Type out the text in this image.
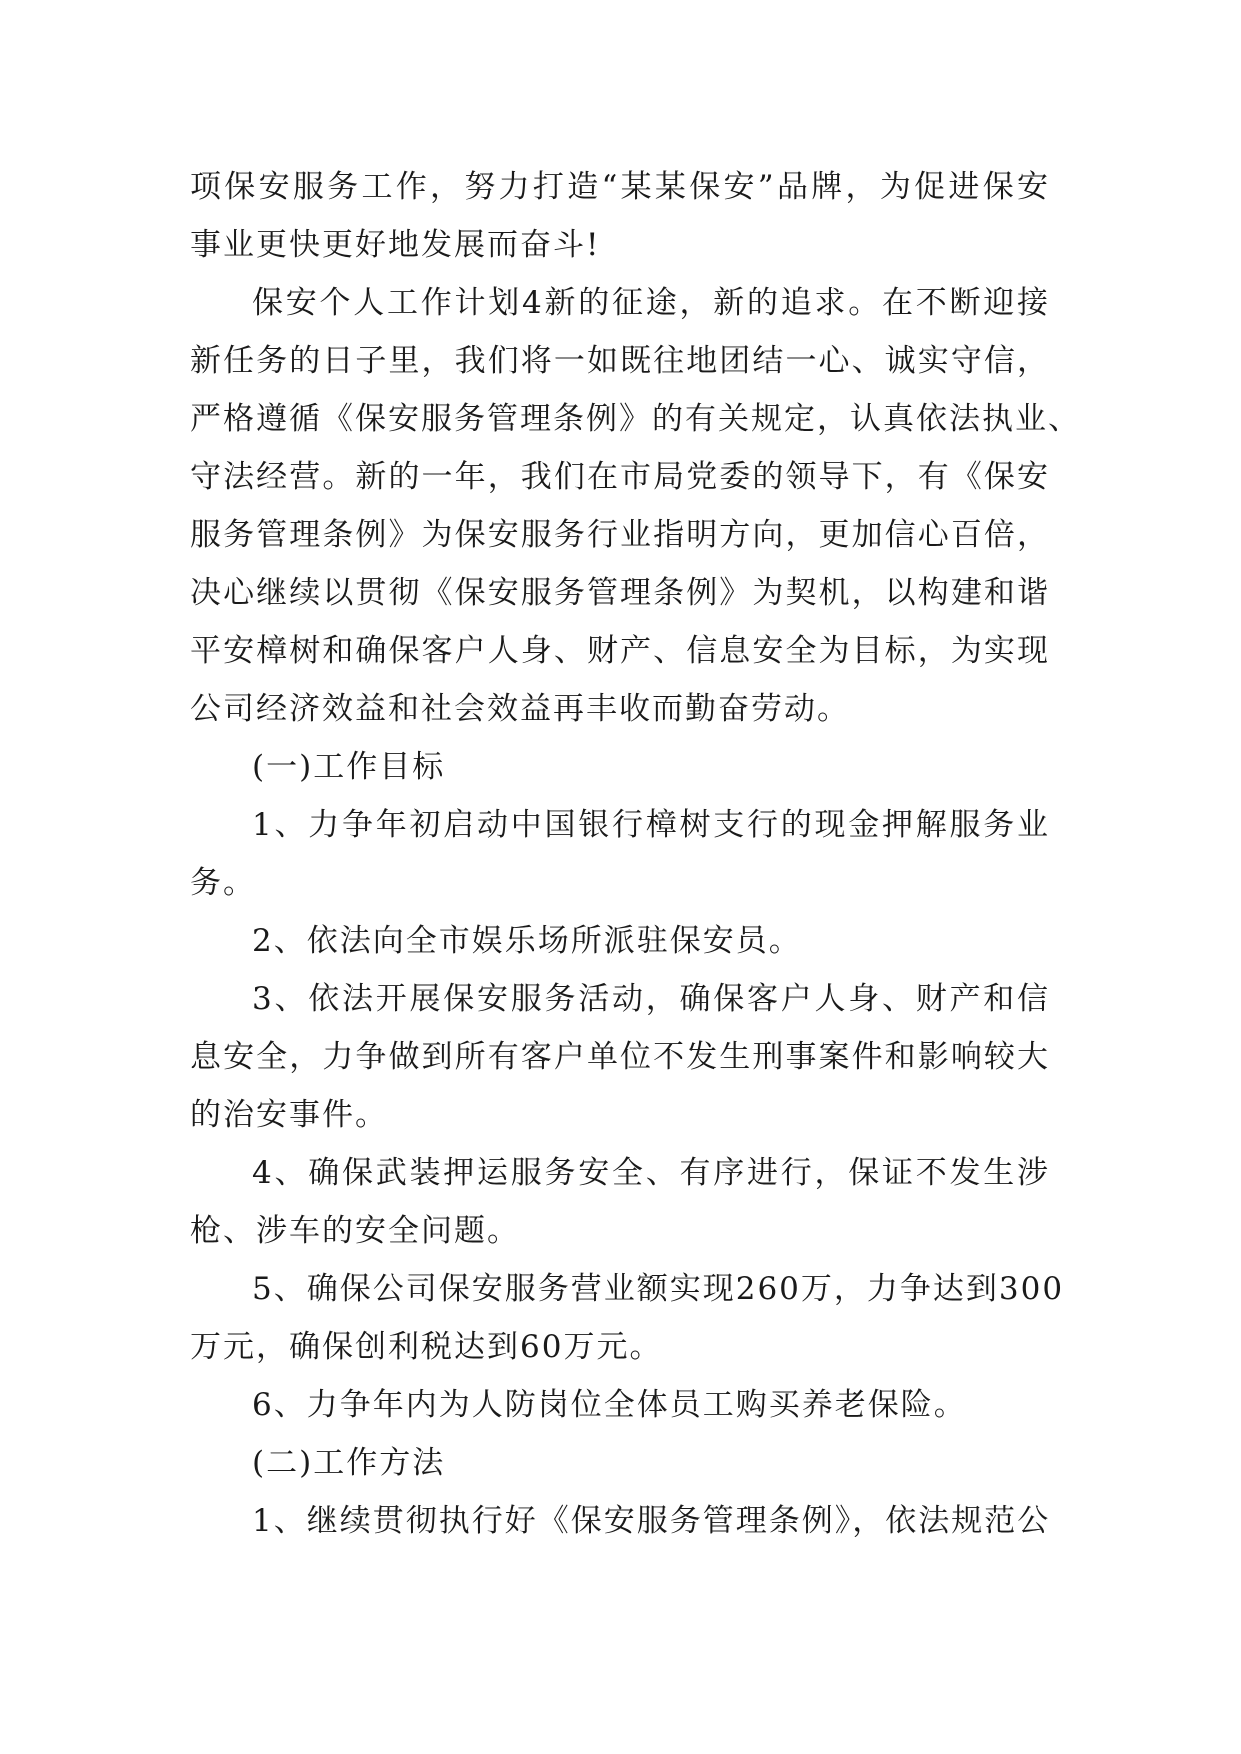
项保安服务工作，努力打造“某某保安”品牌，为促进保安
事业更快更好地发展而奋斗!
保安个人工作计划4新的征途，新的追求。在不断迎接
新任务的日子里，我们将一如既往地团结一心、诚实守信，
严格遵循《保安服务管理条例》的有关规定，认真依法执业、
守法经营。新的一年，我们在市局党委的领导下，有《保安
服务管理条例》为保安服务行业指明方向，更加信心百倍，
决心继续以贯彻《保安服务管理条例》为契机，以构建和谐
平安樟树和确保客户人身、财产、信息安全为目标，为实现
公司经济效益和社会效益再丰收而勤奋劳动。
(一)工作目标
1、力争年初启动中国银行樟树支行的现金押解服务业
务。
2、依法向全市娱乐场所派驻保安员。
3、依法开展保安服务活动，确保客户人身、财产和信
息安全，力争做到所有客户单位不发生刑事案件和影响较大
的治安事件。
4、确保武装押运服务安全、有序进行，保证不发生涉
枪、涉车的安全问题。
5、确保公司保安服务营业额实现260万，力争达到300
万元，确保创利税达到60万元。
6、力争年内为人防岗位全体员工购买养老保险。
(二)工作方法
1、继续贯彻执行好《保安服务管理条例》，依法规范公
